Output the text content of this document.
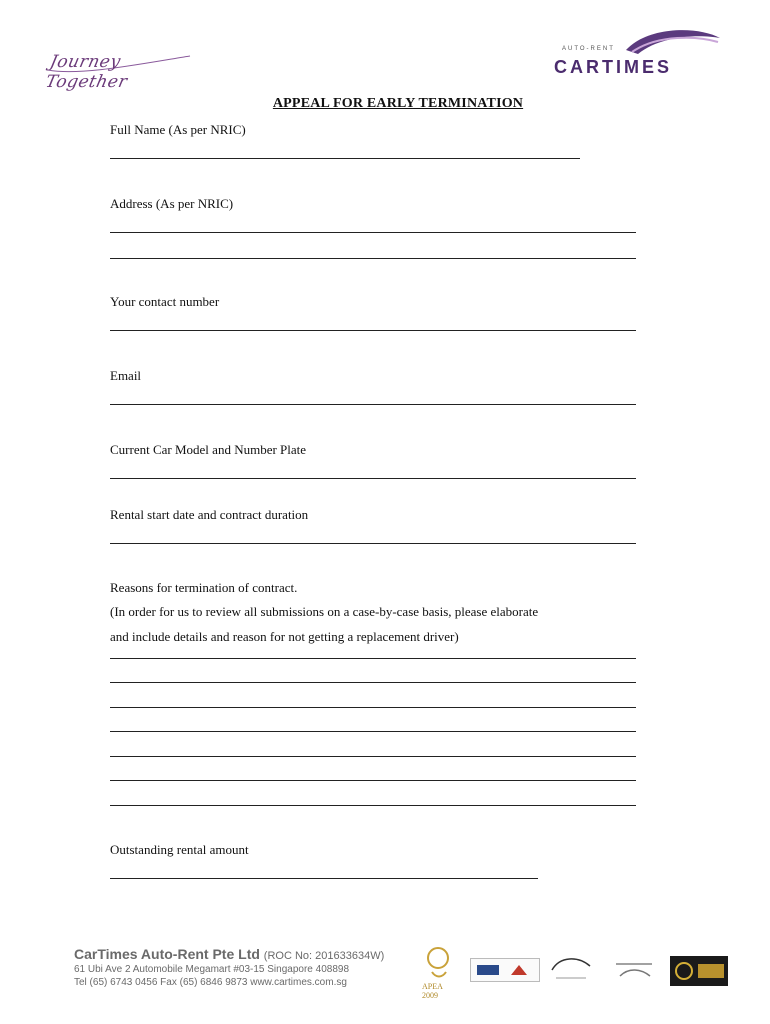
Journey Together
AUTO-RENT
CARTIMES
APPEAL FOR EARLY TERMINATION
Full Name (As per NRIC)
Address (As per NRIC)
Your contact number
Email
Current Car Model and Number Plate
Rental start date and contract duration
Reasons for termination of contract.
(In order for us to review all submissions on a case-by-case basis, please elaborate
and include details and reason for not getting a replacement driver)
Outstanding rental amount
CarTimes Auto-Rent Pte Ltd (ROC No: 201633634W)
61 Ubi Ave 2 Automobile Megamart #03-15 Singapore 408898
Tel (65) 6743 0456 Fax (65) 6846 9873 www.cartimes.com.sg	APEA 2009
